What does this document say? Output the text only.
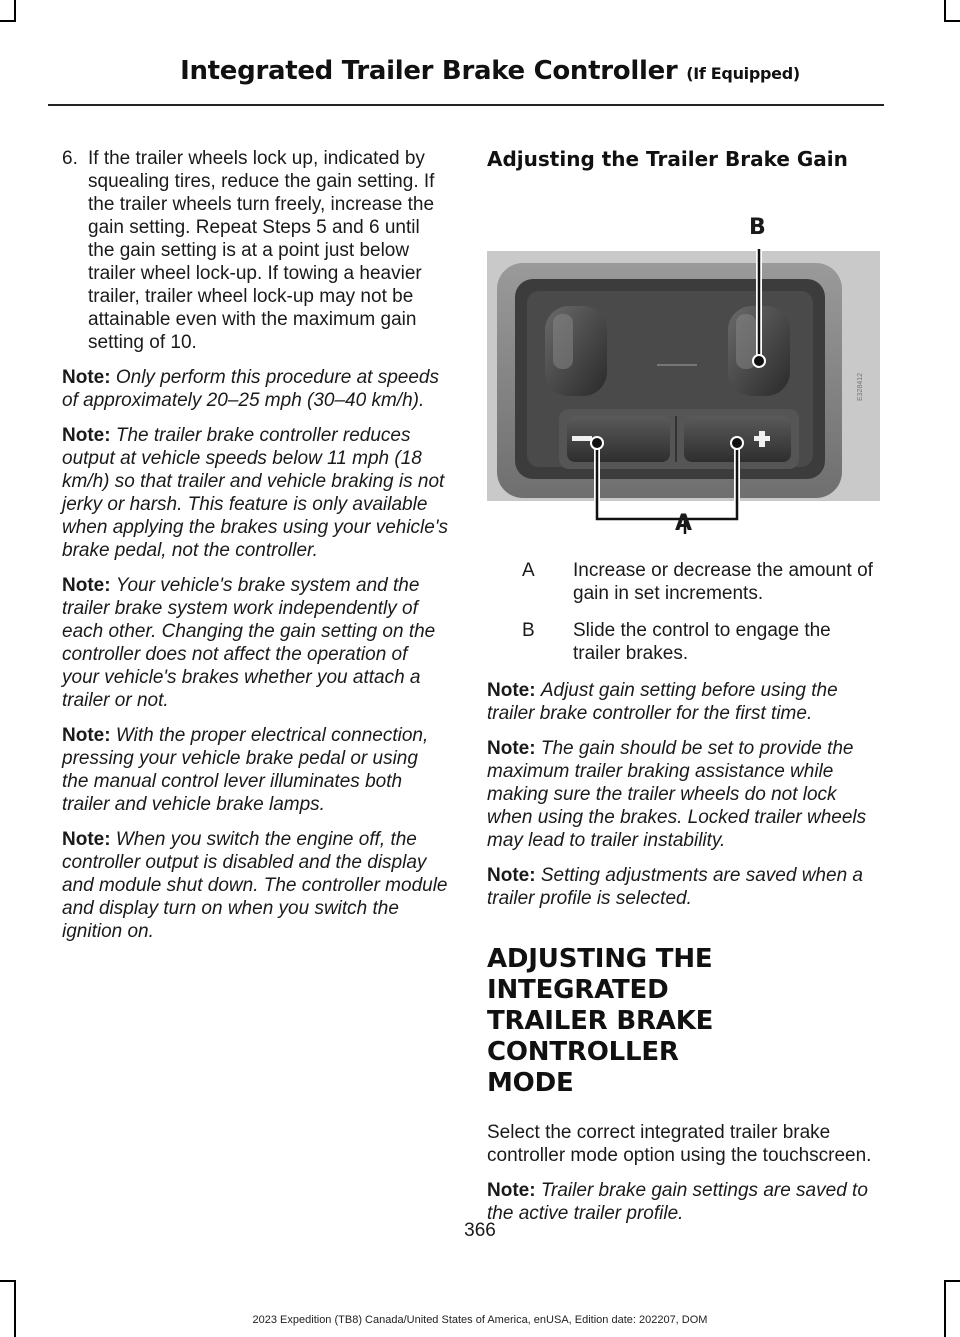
Integrated Trailer Brake Controller (If Equipped)
6. If the trailer wheels lock up, indicated by squealing tires, reduce the gain setting. If the trailer wheels turn freely, increase the gain setting. Repeat Steps 5 and 6 until the gain setting is at a point just below trailer wheel lock-up. If towing a heavier trailer, trailer wheel lock-up may not be attainable even with the maximum gain setting of 10.
Note: Only perform this procedure at speeds of approximately 20–25 mph (30–40 km/h).
Note: The trailer brake controller reduces output at vehicle speeds below 11 mph (18 km/h) so that trailer and vehicle braking is not jerky or harsh. This feature is only available when applying the brakes using your vehicle's brake pedal, not the controller.
Note: Your vehicle's brake system and the trailer brake system work independently of each other. Changing the gain setting on the controller does not affect the operation of your vehicle's brakes whether you attach a trailer or not.
Note: With the proper electrical connection, pressing your vehicle brake pedal or using the manual control lever illuminates both trailer and vehicle brake lamps.
Note: When you switch the engine off, the controller output is disabled and the display and module shut down. The controller module and display turn on when you switch the ignition on.
Adjusting the Trailer Brake Gain
B
A
E328412
A	Increase or decrease the amount of gain in set increments.
B	Slide the control to engage the trailer brakes.
Note: Adjust gain setting before using the trailer brake controller for the first time.
Note: The gain should be set to provide the maximum trailer braking assistance while making sure the trailer wheels do not lock when using the brakes. Locked trailer wheels may lead to trailer instability.
Note: Setting adjustments are saved when a trailer profile is selected.
ADJUSTING THE INTEGRATED
TRAILER BRAKE CONTROLLER
MODE

Select the correct integrated trailer brake controller mode option using the touchscreen.

Note: Trailer brake gain settings are saved to the active trailer profile.
366
2023 Expedition (TB8) Canada/United States of America, enUSA, Edition date: 202207, DOM
